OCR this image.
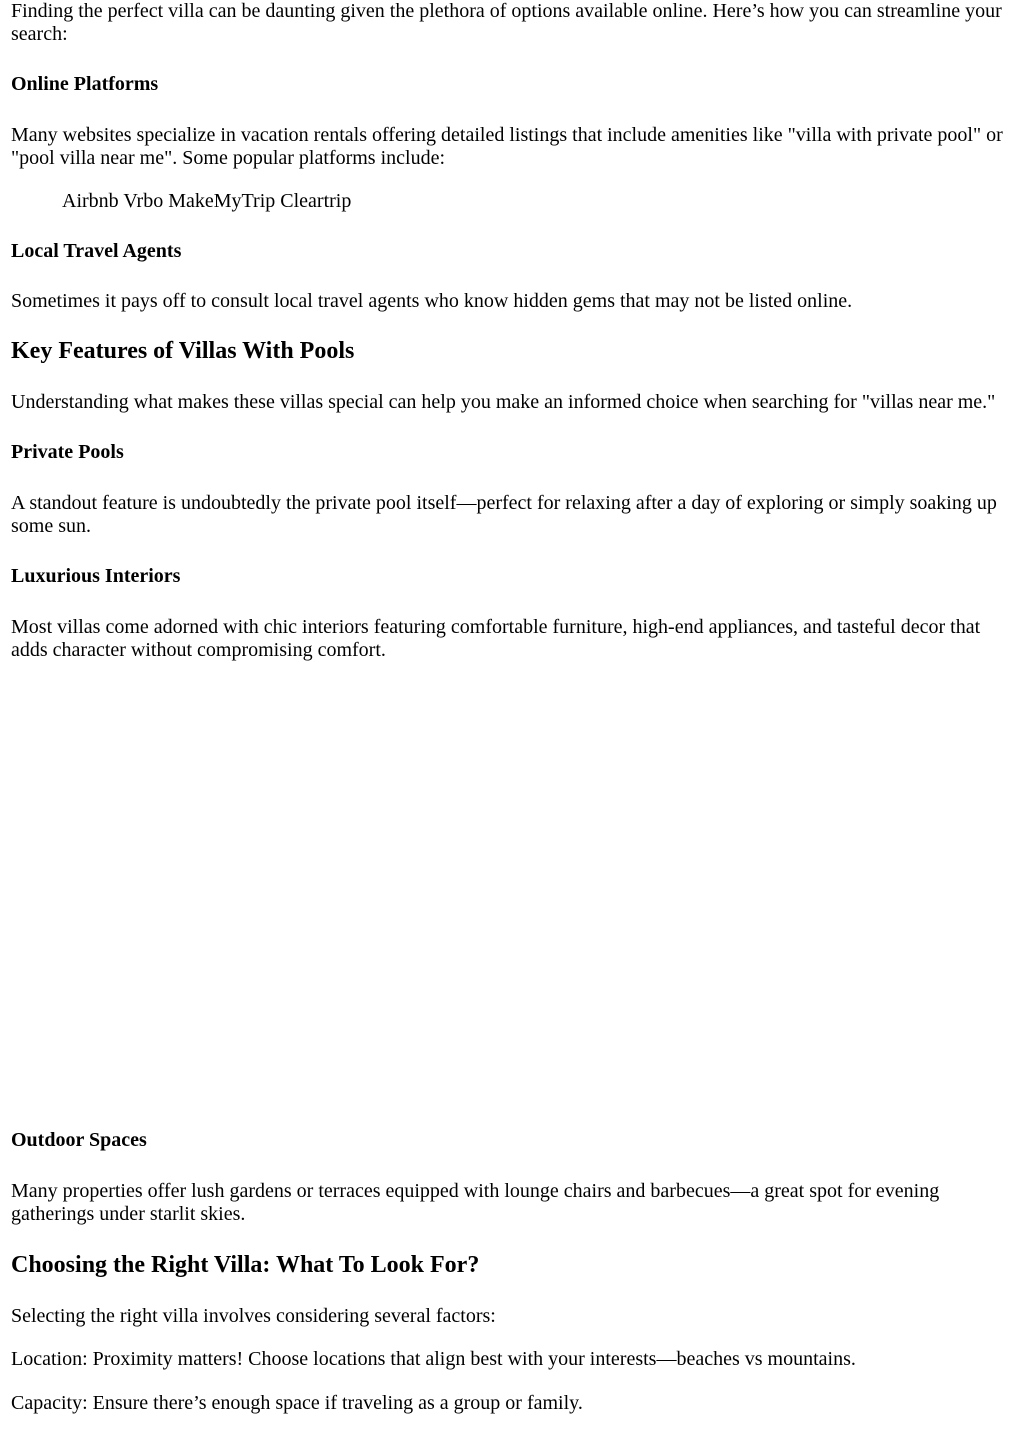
Finding the perfect villa can be daunting given the plethora of options available online. Here’s how you can streamline your search:

Online Platforms

Many websites specialize in vacation rentals offering detailed listings that include amenities like "villa with private pool" or "pool villa near me". Some popular platforms include:

Airbnb Vrbo MakeMyTrip Cleartrip
Local Travel Agents

Sometimes it pays off to consult local travel agents who know hidden gems that may not be listed online.

Key Features of Villas With Pools

Understanding what makes these villas special can help you make an informed choice when searching for "villas near me."

Private Pools

A standout feature is undoubtedly the private pool itself—perfect for relaxing after a day of exploring or simply soaking up some sun.

Luxurious Interiors

Most villas come adorned with chic interiors featuring comfortable furniture, high-end appliances, and tasteful decor that adds character without compromising comfort.

Outdoor Spaces

Many properties offer lush gardens or terraces equipped with lounge chairs and barbecues—a great spot for evening gatherings under starlit skies.

Choosing the Right Villa: What To Look For?

Selecting the right villa involves considering several factors:

Location: Proximity matters! Choose locations that align best with your interests—beaches vs mountains.

Capacity: Ensure there’s enough space if traveling as a group or family.
